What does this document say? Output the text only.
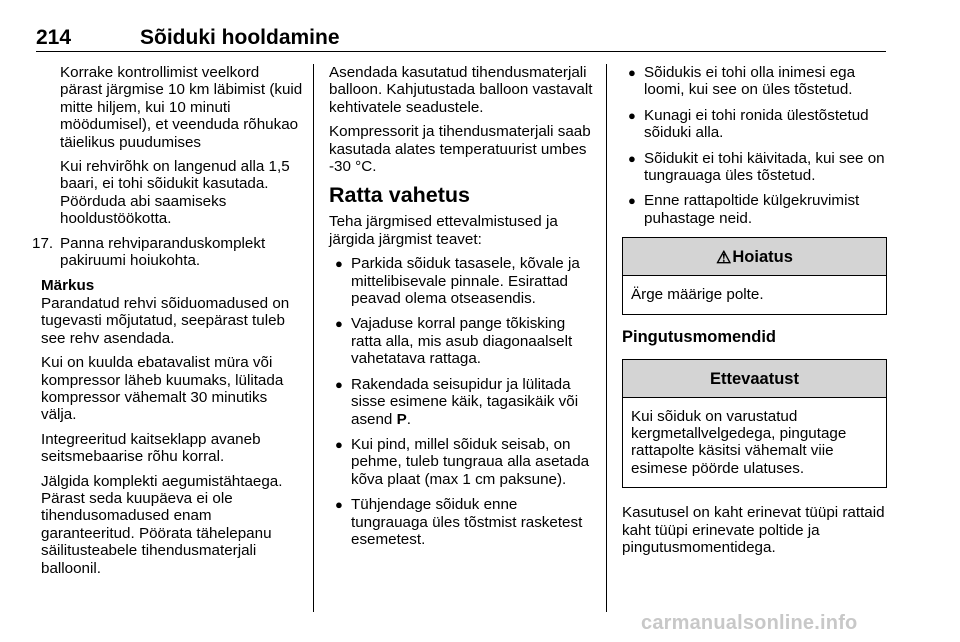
214	Sõiduki hooldamine

Korrake kontrollimist veelkord pärast järgmise 10 km läbimist (kuid mitte hiljem, kui 10 minuti möödumisel), et veenduda rõhukao täielikus puudumises

Kui rehvirõhk on langenud alla 1,5 baari, ei tohi sõidukit kasutada. Pöörduda abi saamiseks hooldustöökotta.

17. Panna rehviparanduskomplekt pakiruumi hoiukohta.
Märkus

Parandatud rehvi sõiduomadused on tugevasti mõjutatud, seepärast tuleb see rehv asendada.

Kui on kuulda ebatavalist müra või kompressor läheb kuumaks, lülitada kompressor vähemalt 30 minutiks välja.

Integreeritud kaitseklapp avaneb seitsmebaarise rõhu korral.

Jälgida komplekti aegumistähtaega. Pärast seda kuupäeva ei ole tihendusomadused enam garanteeritud. Pöörata tähelepanu säilitusteabele tihendusmaterjali balloonil.

Asendada kasutatud tihendusmaterjali balloon. Kahjutustada balloon vastavalt kehtivatele seadustele.

Kompressorit ja tihendusmaterjali saab kasutada alates temperatuurist umbes -30 °C.

Ratta vahetus

Teha järgmised ettevalmistused ja järgida järgmist teavet:

● Parkida sõiduk tasasele, kõvale ja mittelibisevale pinnale. Esirattad peavad olema otseasendis.
● Vajaduse korral pange tõkisking ratta alla, mis asub diagonaalselt vahetatava rattaga.
● Rakendada seisupidur ja lülitada sisse esimene käik, tagasikäik või asend P.
● Kui pind, millel sõiduk seisab, on pehme, tuleb tungraua alla asetada kõva plaat (max 1 cm paksune).
● Tühjendage sõiduk enne tungrauaga üles tõstmist rasketest esemetest.
● Sõidukis ei tohi olla inimesi ega loomi, kui see on üles tõstetud.
● Kunagi ei tohi ronida ülestõstetud sõiduki alla.
● Sõidukit ei tohi käivitada, kui see on tungrauaga üles tõstetud.
● Enne rattapoltide külgekruvimist puhastage neid.
⚠Hoiatus
Ärge määrige polte.
Pingutusmomendid
Ettevaatust
Kui sõiduk on varustatud kergmetallvelgedega, pingutage rattapolte käsitsi vähemalt viie esimese pöörde ulatuses.

Kasutusel on kaht erinevat tüüpi rattaid kaht tüüpi erinevate poltide ja pingutusmomentidega.

carmanualsonline.info
